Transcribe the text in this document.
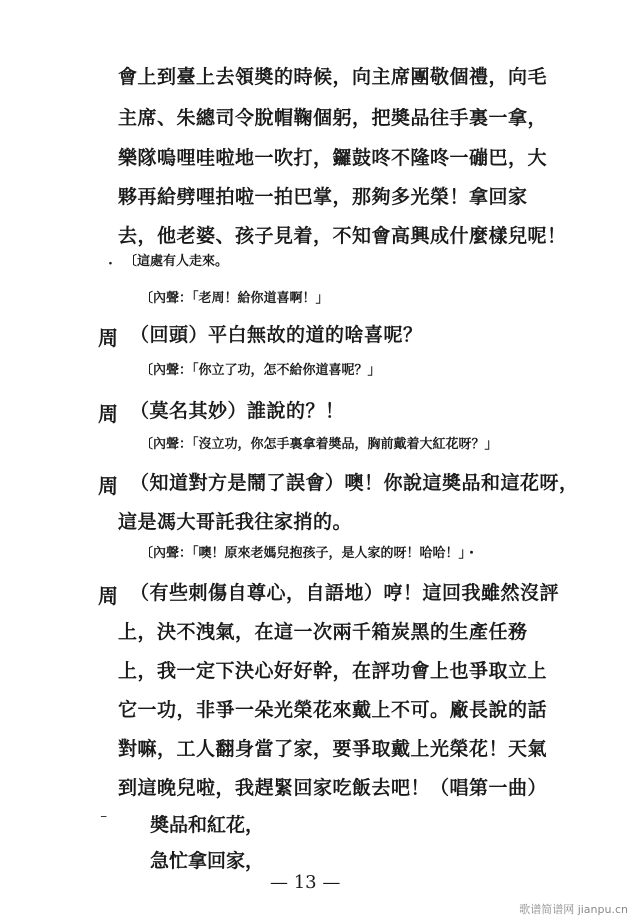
會上到臺上去領奬的時候，向主席團敬個禮，向毛
主席、朱總司令脫帽鞠個躬，把奬品往手裏一拿，
樂隊嗚哩哇啦地一吹打，鑼鼓咚不隆咚一磞巴，大
夥再給劈哩拍啦一拍巴掌，那夠多光榮！拿回家
去，他老婆、孩子見着，不知會高興成什麼樣兒呢！
· 〔這處有人走來。
〔內聲：「老周！給你道喜啊！」
周 （回頭）平白無故的道的啥喜呢？
〔內聲：「你立了功，怎不給你道喜呢？」
周 （莫名其妙）誰說的？！
〔內聲：「沒立功，你怎手裏拿着奬品，胸前戴着大紅花呀？」
周 （知道對方是鬧了誤會）噢！你說這奬品和這花呀，
這是馮大哥託我往家捎的。
〔內聲：「噢！原來老媽兒抱孩子，是人家的呀！哈哈！」・
周 （有些刺傷自尊心，自語地）哼！這回我雖然沒評
上，決不洩氣，在這一次兩千箱炭黑的生產任務
上，我一定下決心好好幹，在評功會上也爭取立上
它一功，非爭一朵光榮花來戴上不可。廠長說的話
對嘛，工人翻身當了家，要爭取戴上光榮花！天氣
到這晚兒啦，我趕緊回家吃飯去吧！（唱第一曲）
⁻ 奬品和紅花，
急忙拿回家，
— 13 —
歌谱简谱网 jianpu.cn
